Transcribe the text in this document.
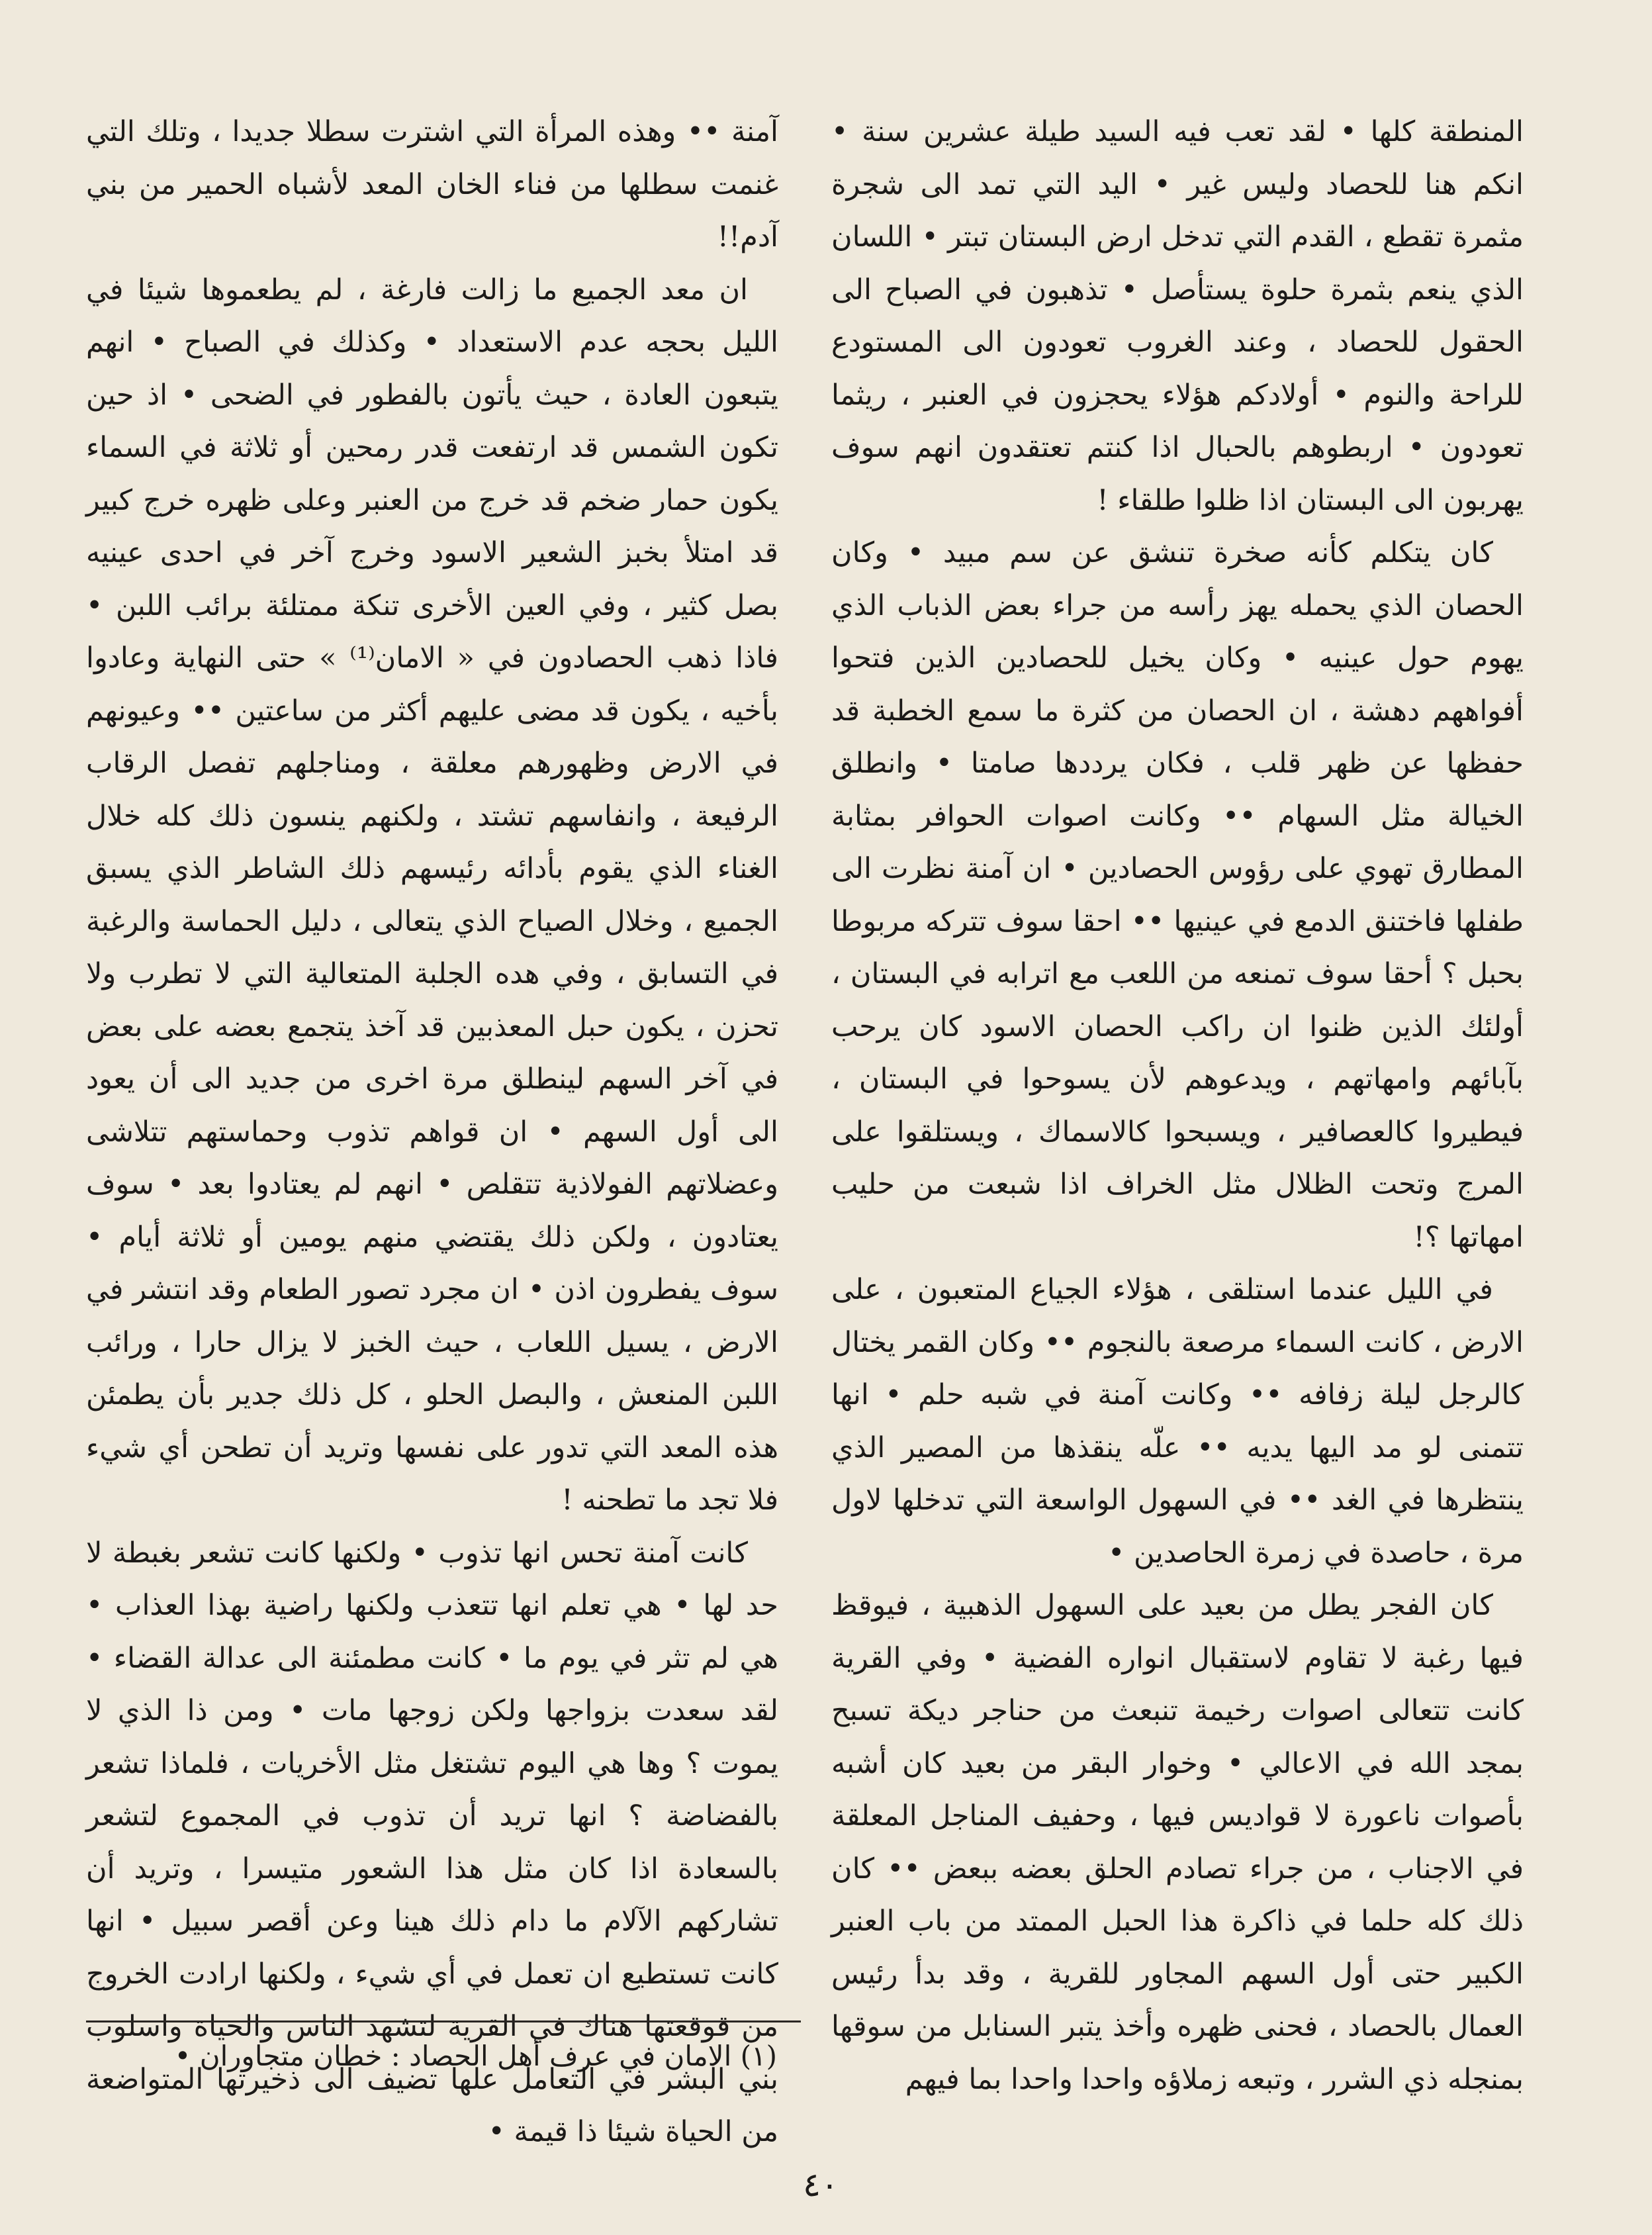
المنطقة كلها • لقد تعب فيه السيد طيلة عشرين سنة • انكم هنا للحصاد وليس غير • اليد التي تمد الى شجرة مثمرة تقطع ، القدم التي تدخل ارض البستان تبتر • اللسان الذي ينعم بثمرة حلوة يستأصل • تذهبون في الصباح الى الحقول للحصاد ، وعند الغروب تعودون الى المستودع للراحة والنوم • أولادكم هؤلاء يحجزون في العنبر ، ريثما تعودون • اربطوهم بالحبال اذا كنتم تعتقدون انهم سوف يهربون الى البستان اذا ظلوا طلقاء !

كان يتكلم كأنه صخرة تنشق عن سم مبيد • وكان الحصان الذي يحمله يهز رأسه من جراء بعض الذباب الذي يهوم حول عينيه • وكان يخيل للحصادين الذين فتحوا أفواههم دهشة ، ان الحصان من كثرة ما سمع الخطبة قد حفظها عن ظهر قلب ، فكان يرددها صامتا • وانطلق الخيالة مثل السهام •• وكانت اصوات الحوافر بمثابة المطارق تهوي على رؤوس الحصادين • ان آمنة نظرت الى طفلها فاختنق الدمع في عينيها •• احقا سوف تتركه مربوطا بحبل ؟ أحقا سوف تمنعه من اللعب مع اترابه في البستان ، أولئك الذين ظنوا ان راكب الحصان الاسود كان يرحب بآبائهم وامهاتهم ، ويدعوهم لأن يسوحوا في البستان ، فيطيروا كالعصافير ، ويسبحوا كالاسماك ، ويستلقوا على المرج وتحت الظلال مثل الخراف اذا شبعت من حليب امهاتها ؟!

في الليل عندما استلقى ، هؤلاء الجياع المتعبون ، على الارض ، كانت السماء مرصعة بالنجوم •• وكان القمر يختال كالرجل ليلة زفافه •• وكانت آمنة في شبه حلم • انها تتمنى لو مد اليها يديه •• علّه ينقذها من المصير الذي ينتظرها في الغد •• في السهول الواسعة التي تدخلها لاول مرة ، حاصدة في زمرة الحاصدين •

كان الفجر يطل من بعيد على السهول الذهبية ، فيوقظ فيها رغبة لا تقاوم لاستقبال انواره الفضية • وفي القرية كانت تتعالى اصوات رخيمة تنبعث من حناجر ديكة تسبح بمجد الله في الاعالي • وخوار البقر من بعيد كان أشبه بأصوات ناعورة لا قواديس فيها ، وحفيف المناجل المعلقة في الاجناب ، من جراء تصادم الحلق بعضه ببعض •• كان ذلك كله حلما في ذاكرة هذا الحبل الممتد من باب العنبر الكبير حتى أول السهم المجاور للقرية ، وقد بدأ رئيس العمال بالحصاد ، فحنى ظهره وأخذ يتبر السنابل من سوقها بمنجله ذي الشرر ، وتبعه زملاؤه واحدا واحدا بما فيهم

آمنة •• وهذه المرأة التي اشترت سطلا جديدا ، وتلك التي غنمت سطلها من فناء الخان المعد لأشباه الحمير من بني آدم!!

ان معد الجميع ما زالت فارغة ، لم يطعموها شيئا في الليل بحجه عدم الاستعداد • وكذلك في الصباح • انهم يتبعون العادة ، حيث يأتون بالفطور في الضحى • اذ حين تكون الشمس قد ارتفعت قدر رمحين أو ثلاثة في السماء يكون حمار ضخم قد خرج من العنبر وعلى ظهره خرج كبير قد امتلأ بخبز الشعير الاسود وخرج آخر في احدى عينيه بصل كثير ، وفي العين الأخرى تنكة ممتلئة برائب اللبن • فاذا ذهب الحصادون في « الامان⁽¹⁾ » حتى النهاية وعادوا بأخيه ، يكون قد مضى عليهم أكثر من ساعتين •• وعيونهم في الارض وظهورهم معلقة ، ومناجلهم تفصل الرقاب الرفيعة ، وانفاسهم تشتد ، ولكنهم ينسون ذلك كله خلال الغناء الذي يقوم بأدائه رئيسهم ذلك الشاطر الذي يسبق الجميع ، وخلال الصياح الذي يتعالى ، دليل الحماسة والرغبة في التسابق ، وفي هده الجلبة المتعالية التي لا تطرب ولا تحزن ، يكون حبل المعذبين قد آخذ يتجمع بعضه على بعض في آخر السهم لينطلق مرة اخرى من جديد الى أن يعود الى أول السهم • ان قواهم تذوب وحماستهم تتلاشى وعضلاتهم الفولاذية تتقلص • انهم لم يعتادوا بعد • سوف يعتادون ، ولكن ذلك يقتضي منهم يومين أو ثلاثة أيام • سوف يفطرون اذن • ان مجرد تصور الطعام وقد انتشر في الارض ، يسيل اللعاب ، حيث الخبز لا يزال حارا ، ورائب اللبن المنعش ، والبصل الحلو ، كل ذلك جدير بأن يطمئن هذه المعد التي تدور على نفسها وتريد أن تطحن أي شيء فلا تجد ما تطحنه !

كانت آمنة تحس انها تذوب • ولكنها كانت تشعر بغبطة لا حد لها • هي تعلم انها تتعذب ولكنها راضية بهذا العذاب • هي لم تثر في يوم ما • كانت مطمئنة الى عدالة القضاء • لقد سعدت بزواجها ولكن زوجها مات • ومن ذا الذي لا يموت ؟ وها هي اليوم تشتغل مثل الأخريات ، فلماذا تشعر بالفضاضة ؟ انها تريد أن تذوب في المجموع لتشعر بالسعادة اذا كان مثل هذا الشعور متيسرا ، وتريد أن تشاركهم الآلام ما دام ذلك هينا وعن أقصر سبيل • انها كانت تستطيع ان تعمل في أي شيء ، ولكنها ارادت الخروج من قوقعتها هناك في القرية لتشهد الناس والحياة واسلوب بني البشر في التعامل علها تضيف الى ذخيرتها المتواضعة من الحياة شيئا ذا قيمة •

(١) الامان في عرف أهل الحصاد : خطان متجاوران •
٤٠
